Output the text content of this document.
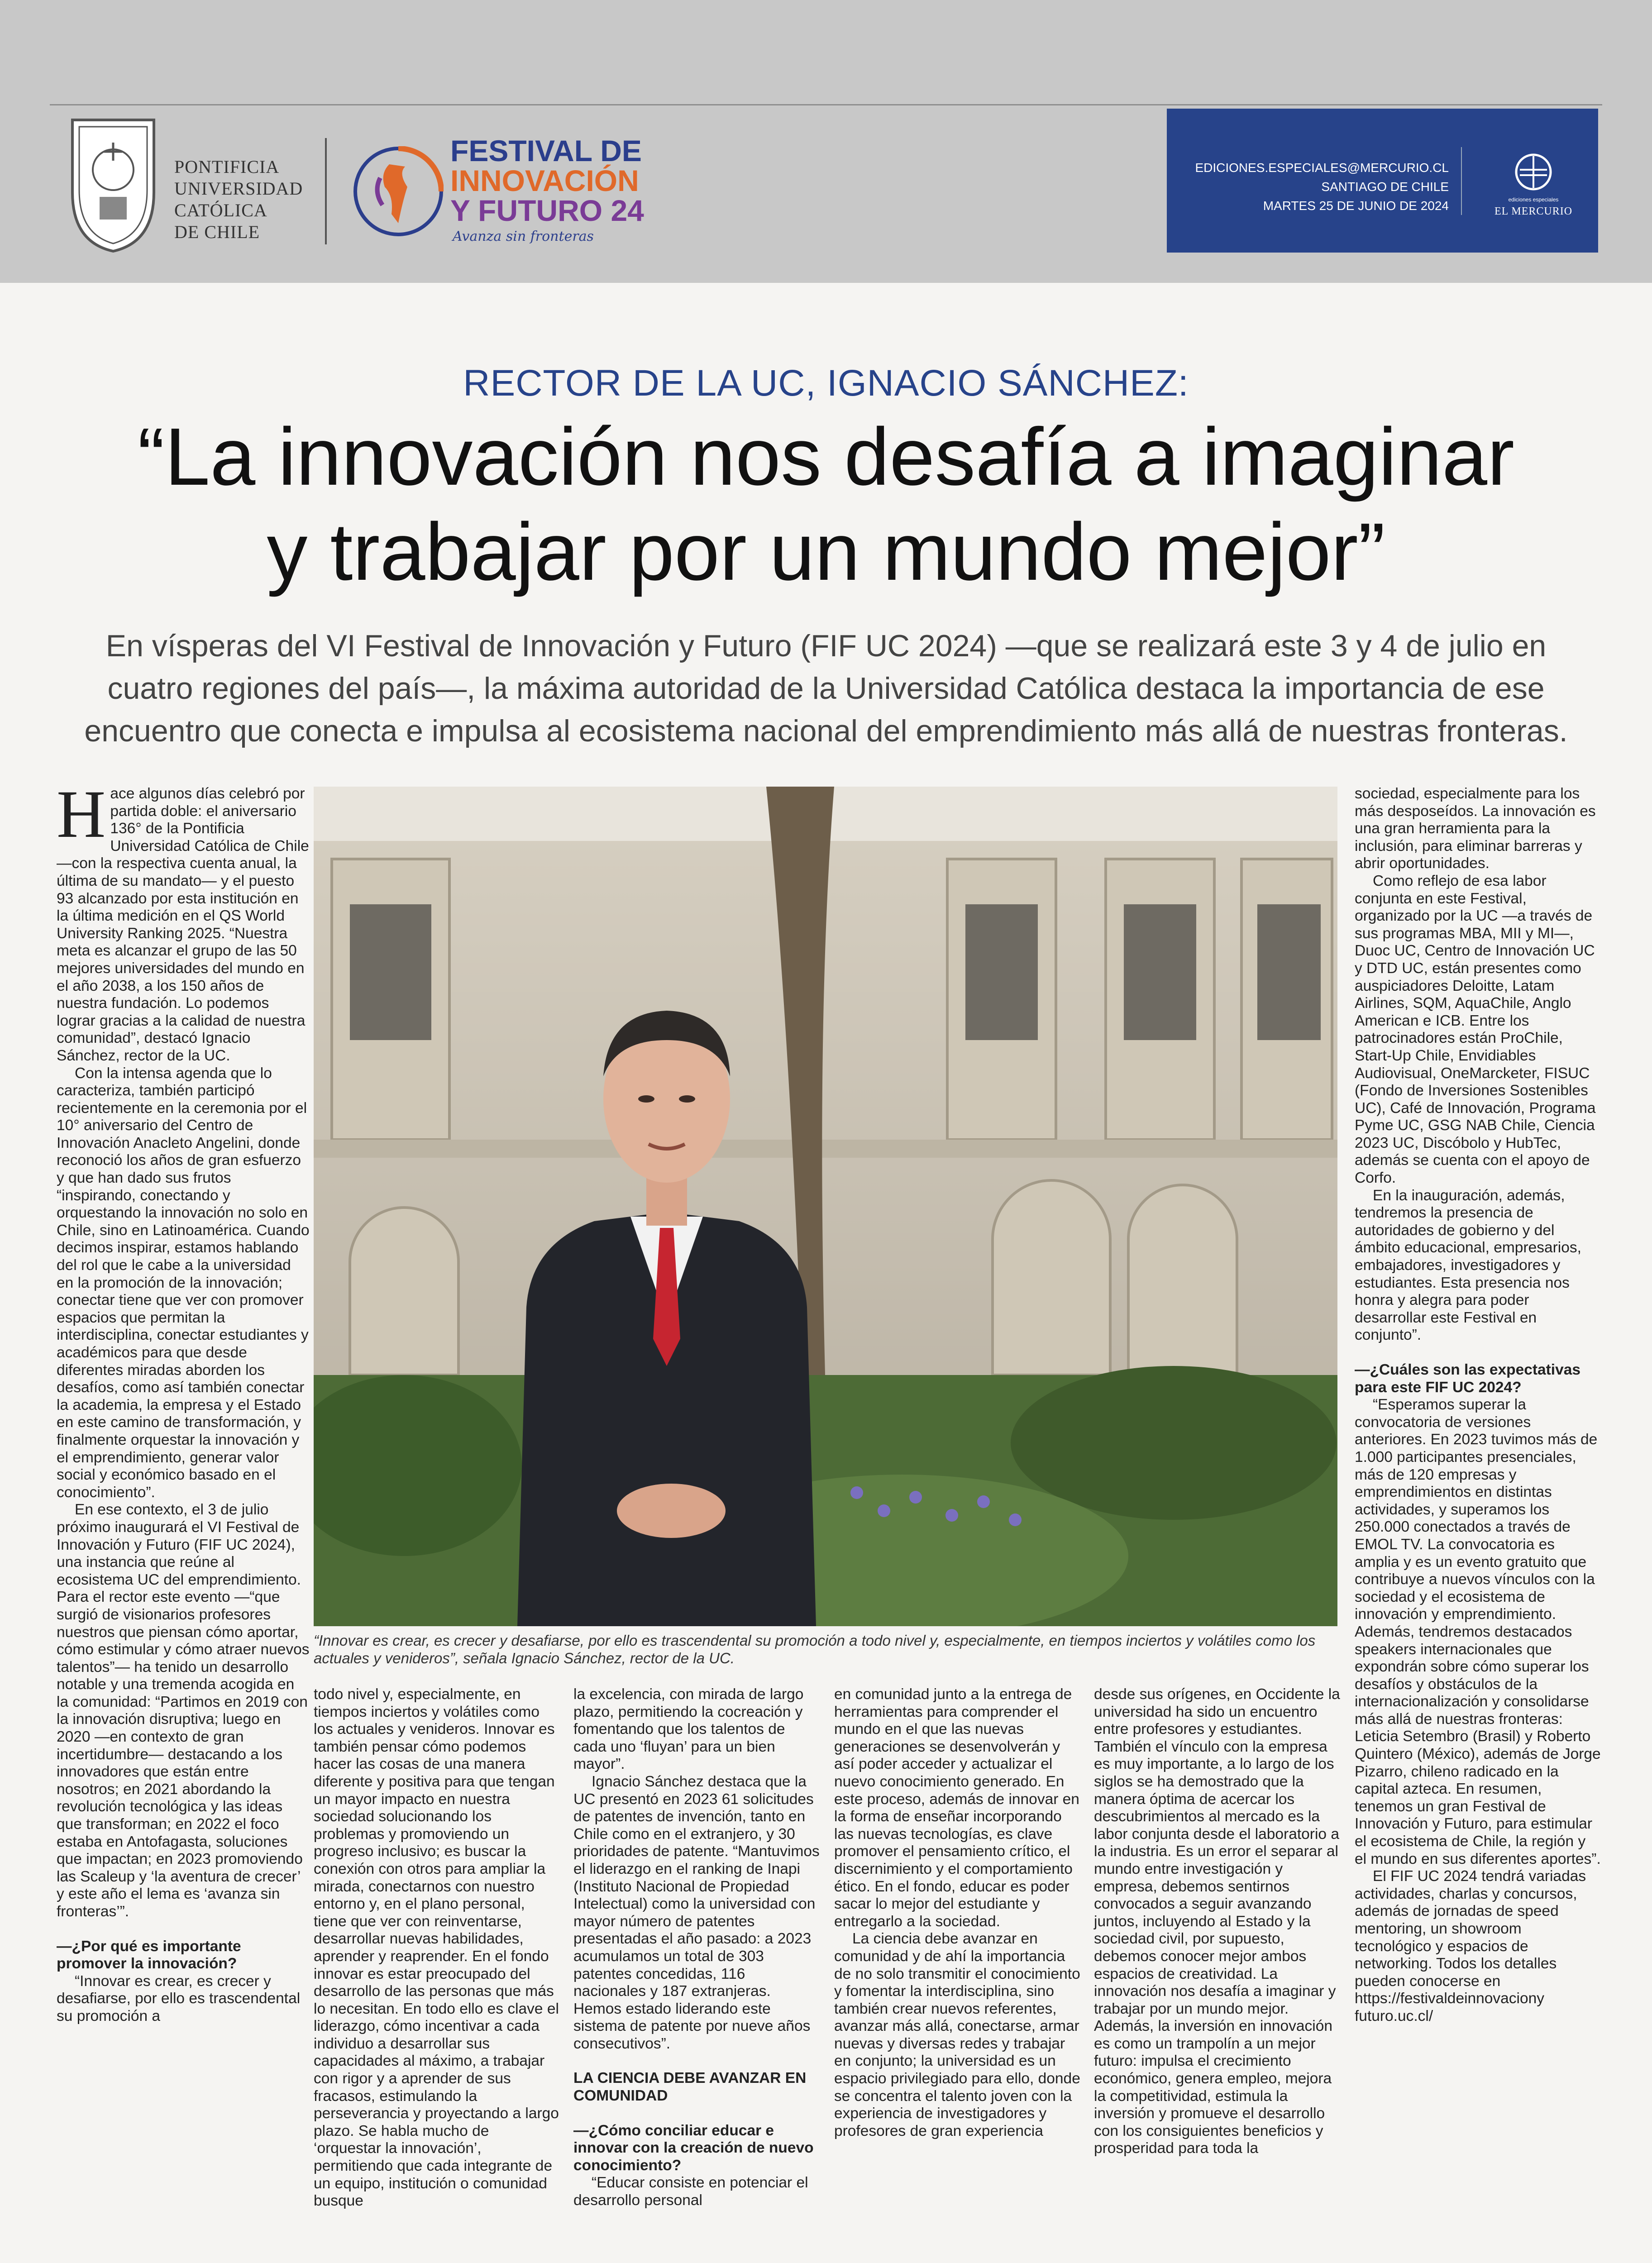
PONTIFICIA
UNIVERSIDAD
CATÓLICA
DE CHILE
FESTIVAL DE
INNOVACIÓN
Y FUTURO 24
Avanza sin fronteras
EDICIONES.ESPECIALES@MERCURIO.CL
SANTIAGO DE CHILE
MARTES 25 DE JUNIO DE 2024	ediciones especiales
EL MERCURIO
RECTOR DE LA UC, IGNACIO SÁNCHEZ:
“La innovación nos desafía a imaginar
y trabajar por un mundo mejor”
En vísperas del VI Festival de Innovación y Futuro (FIF UC 2024) —que se realizará este 3 y 4 de julio en cuatro regiones del país—, la máxima autoridad de la Universidad Católica destaca la importancia de ese encuentro que conecta e impulsa al ecosistema nacional del emprendimiento más allá de nuestras fronteras.

Hace algunos días celebró por partida doble: el aniversario 136° de la Pontificia Universidad Católica de Chile —con la respectiva cuenta anual, la última de su mandato— y el puesto 93 alcanzado por esta institución en la última medición en el QS World University Ranking 2025. “Nuestra meta es alcanzar el grupo de las 50 mejores universidades del mundo en el año 2038, a los 150 años de nuestra fundación. Lo podemos lograr gracias a la calidad de nuestra comunidad”, destacó Ignacio Sánchez, rector de la UC.

Con la intensa agenda que lo caracteriza, también participó recientemente en la ceremonia por el 10° aniversario del Centro de Innovación Anacleto Angelini, donde reconoció los años de gran esfuerzo y que han dado sus frutos “inspirando, conectando y orquestando la innovación no solo en Chile, sino en Latinoamérica. Cuando decimos inspirar, estamos hablando del rol que le cabe a la universidad en la promoción de la innovación; conectar tiene que ver con promover espacios que permitan la interdisciplina, conectar estudiantes y académicos para que desde diferentes miradas aborden los desafíos, como así también conectar la academia, la empresa y el Estado en este camino de transformación, y finalmente orquestar la innovación y el emprendimiento, generar valor social y económico basado en el conocimiento”.

En ese contexto, el 3 de julio próximo inaugurará el VI Festival de Innovación y Futuro (FIF UC 2024), una instancia que reúne al ecosistema UC del emprendimiento. Para el rector este evento —“que surgió de visionarios profesores nuestros que piensan cómo aportar, cómo estimular y cómo atraer nuevos talentos”— ha tenido un desarrollo notable y una tremenda acogida en la comunidad: “Partimos en 2019 con la innovación disruptiva; luego en 2020 —en contexto de gran incertidumbre— destacando a los innovadores que están entre nosotros; en 2021 abordando la revolución tecnológica y las ideas que transforman; en 2022 el foco estaba en Antofagasta, soluciones que impactan; en 2023 promoviendo las Scaleup y ‘la aventura de crecer’ y este año el lema es ‘avanza sin fronteras’”.

—¿Por qué es importante promover la innovación?

“Innovar es crear, es crecer y desafiarse, por ello es trascendental su promoción a

“Innovar es crear, es crecer y desafiarse, por ello es trascendental su promoción a todo nivel y, especialmente, en tiempos inciertos y volátiles como los actuales y venideros”, señala Ignacio Sánchez, rector de la UC.

todo nivel y, especialmente, en tiempos inciertos y volátiles como los actuales y venideros. Innovar es también pensar cómo podemos hacer las cosas de una manera diferente y positiva para que tengan un mayor impacto en nuestra sociedad solucionando los problemas y promoviendo un progreso inclusivo; es buscar la conexión con otros para ampliar la mirada, conectarnos con nuestro entorno y, en el plano personal, tiene que ver con reinventarse, desarrollar nuevas habilidades, aprender y reaprender. En el fondo innovar es estar preocupado del desarrollo de las personas que más lo necesitan. En todo ello es clave el liderazgo, cómo incentivar a cada individuo a desarrollar sus capacidades al máximo, a trabajar con rigor y a aprender de sus fracasos, estimulando la perseverancia y proyectando a largo plazo. Se habla mucho de ‘orquestar la innovación’, permitiendo que cada integrante de un equipo, institución o comunidad busque

la excelencia, con mirada de largo plazo, permitiendo la cocreación y fomentando que los talentos de cada uno ‘fluyan’ para un bien mayor”.

Ignacio Sánchez destaca que la UC presentó en 2023 61 solicitudes de patentes de invención, tanto en Chile como en el extranjero, y 30 prioridades de patente. “Mantuvimos el liderazgo en el ranking de Inapi (Instituto Nacional de Propiedad Intelectual) como la universidad con mayor número de patentes presentadas el año pasado: a 2023 acumulamos un total de 303 patentes concedidas, 116 nacionales y 187 extranjeras. Hemos estado liderando este sistema de patente por nueve años consecutivos”.

LA CIENCIA DEBE AVANZAR EN COMUNIDAD

—¿Cómo conciliar educar e innovar con la creación de nuevo conocimiento?

“Educar consiste en potenciar el desarrollo personal

en comunidad junto a la entrega de herramientas para comprender el mundo en el que las nuevas generaciones se desenvolverán y así poder acceder y actualizar el nuevo conocimiento generado. En este proceso, además de innovar en la forma de enseñar incorporando las nuevas tecnologías, es clave promover el pensamiento crítico, el discernimiento y el comportamiento ético. En el fondo, educar es poder sacar lo mejor del estudiante y entregarlo a la sociedad.

La ciencia debe avanzar en comunidad y de ahí la importancia de no solo transmitir el conocimiento y fomentar la interdisciplina, sino también crear nuevos referentes, avanzar más allá, conectarse, armar nuevas y diversas redes y trabajar en conjunto; la universidad es un espacio privilegiado para ello, donde se concentra el talento joven con la experiencia de investigadores y profesores de gran experiencia

desde sus orígenes, en Occidente la universidad ha sido un encuentro entre profesores y estudiantes. También el vínculo con la empresa es muy importante, a lo largo de los siglos se ha demostrado que la manera óptima de acercar los descubrimientos al mercado es la labor conjunta desde el laboratorio a la industria. Es un error el separar al mundo entre investigación y empresa, debemos sentirnos convocados a seguir avanzando juntos, incluyendo al Estado y la sociedad civil, por supuesto, debemos conocer mejor ambos espacios de creatividad. La innovación nos desafía a imaginar y trabajar por un mundo mejor. Además, la inversión en innovación es como un trampolín a un mejor futuro: impulsa el crecimiento económico, genera empleo, mejora la competitividad, estimula la inversión y promueve el desarrollo con los consiguientes beneficios y prosperidad para toda la

sociedad, especialmente para los más desposeídos. La innovación es una gran herramienta para la inclusión, para eliminar barreras y abrir oportunidades.

Como reflejo de esa labor conjunta en este Festival, organizado por la UC —a través de sus programas MBA, MII y MI—, Duoc UC, Centro de Innovación UC y DTD UC, están presentes como auspiciadores Deloitte, Latam Airlines, SQM, AquaChile, Anglo American e ICB. Entre los patrocinadores están ProChile, Start-Up Chile, Envidiables Audiovisual, OneMarcketer, FISUC (Fondo de Inversiones Sostenibles UC), Café de Innovación, Programa Pyme UC, GSG NAB Chile, Ciencia 2023 UC, Discóbolo y HubTec, además se cuenta con el apoyo de Corfo.

En la inauguración, además, tendremos la presencia de autoridades de gobierno y del ámbito educacional, empresarios, embajadores, investigadores y estudiantes. Esta presencia nos honra y alegra para poder desarrollar este Festival en conjunto”.

—¿Cuáles son las expectativas para este FIF UC 2024?

“Esperamos superar la convocatoria de versiones anteriores. En 2023 tuvimos más de 1.000 participantes presenciales, más de 120 empresas y emprendimientos en distintas actividades, y superamos los 250.000 conectados a través de EMOL TV. La convocatoria es amplia y es un evento gratuito que contribuye a nuevos vínculos con la sociedad y el ecosistema de innovación y emprendimiento. Además, tendremos destacados speakers internacionales que expondrán sobre cómo superar los desafíos y obstáculos de la internacionalización y consolidarse más allá de nuestras fronteras: Leticia Setembro (Brasil) y Roberto Quintero (México), además de Jorge Pizarro, chileno radicado en la capital azteca. En resumen, tenemos un gran Festival de Innovación y Futuro, para estimular el ecosistema de Chile, la región y el mundo en sus diferentes aportes”.

El FIF UC 2024 tendrá variadas actividades, charlas y concursos, además de jornadas de speed mentoring, un showroom tecnológico y espacios de networking. Todos los detalles pueden conocerse en https://festivaldeinnovaciony futuro.uc.cl/
